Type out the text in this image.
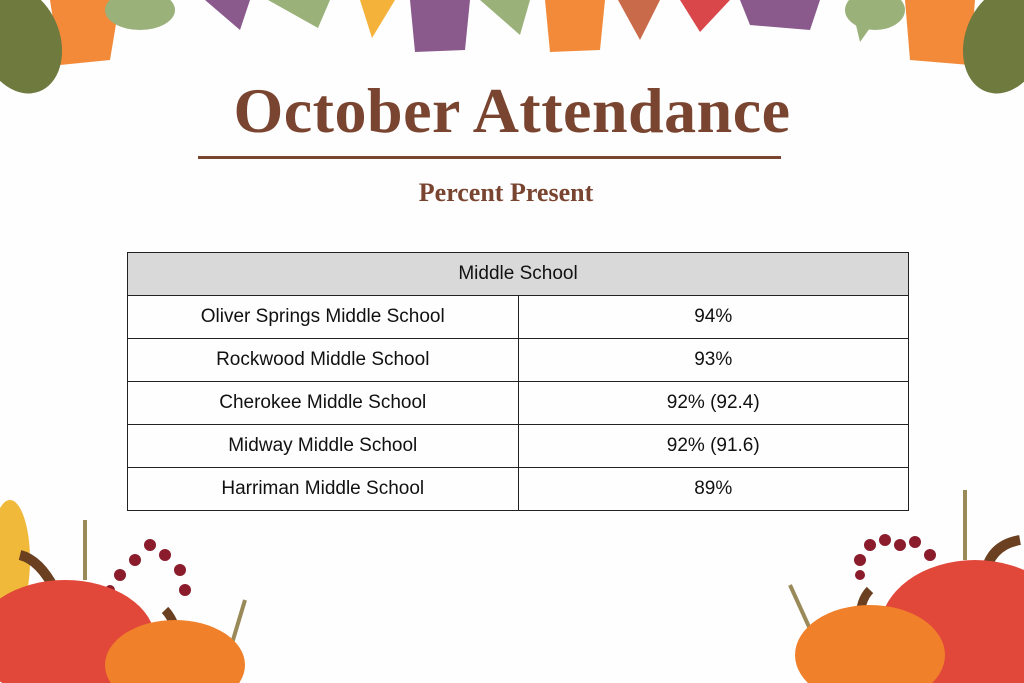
October Attendance
Percent Present
Middle School	
Oliver Springs Middle School	94%
Rockwood Middle School	93%
Cherokee Middle School	92% (92.4)
Midway Middle School	92% (91.6)
Harriman Middle School	89%
